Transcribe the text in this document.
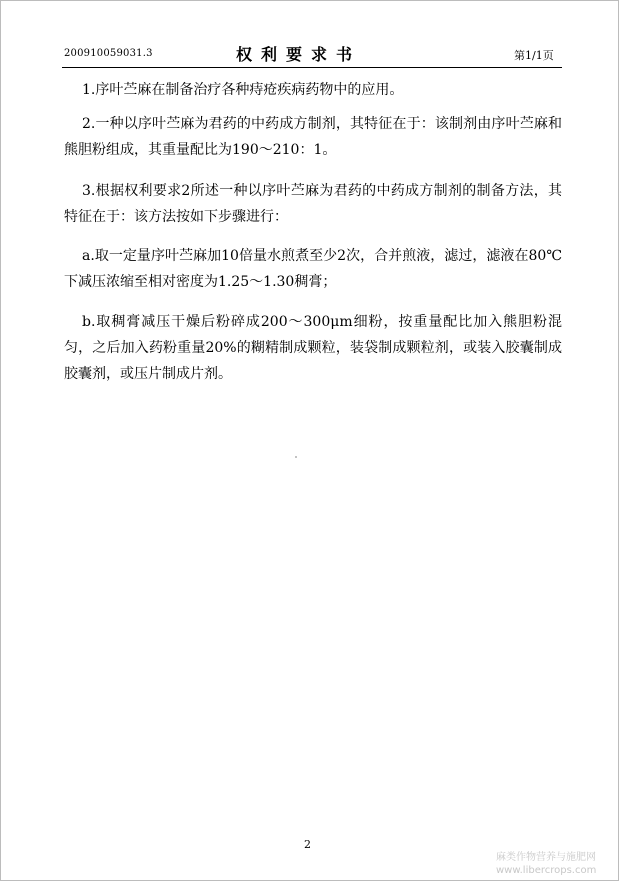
200910059031.3	权利要求书	第1/1页

1.序叶苎麻在制备治疗各种痔疮疾病药物中的应用。

2.一种以序叶苎麻为君药的中药成方制剂，其特征在于：该制剂由序叶苎麻和熊胆粉组成，其重量配比为190～210：1。

3.根据权利要求2所述一种以序叶苎麻为君药的中药成方制剂的制备方法，其特征在于：该方法按如下步骤进行：

a.取一定量序叶苎麻加10倍量水煎煮至少2次，合并煎液，滤过，滤液在80℃下减压浓缩至相对密度为1.25～1.30稠膏；

b.取稠膏减压干燥后粉碎成200～300μm细粉，按重量配比加入熊胆粉混匀，之后加入药粉重量20%的糊精制成颗粒，装袋制成颗粒剂，或装入胶囊制成胶囊剂，或压片制成片剂。

2
麻类作物营养与施肥网
www.libercrops.com
